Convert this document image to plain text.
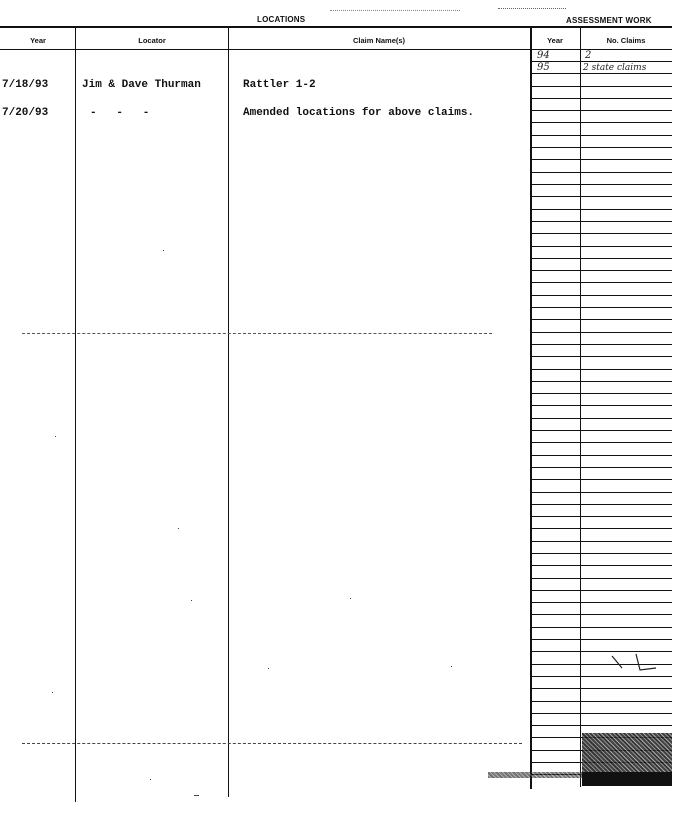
LOCATIONS	ASSESSMENT WORK
Year	Locator	Claim Name(s)	Year	No. Claims
7/18/93	Jim & Dave Thurman	Rattler 1-2
7/20/93	-   -   -	Amended locations for above claims.
94	2
95	2 state claims
